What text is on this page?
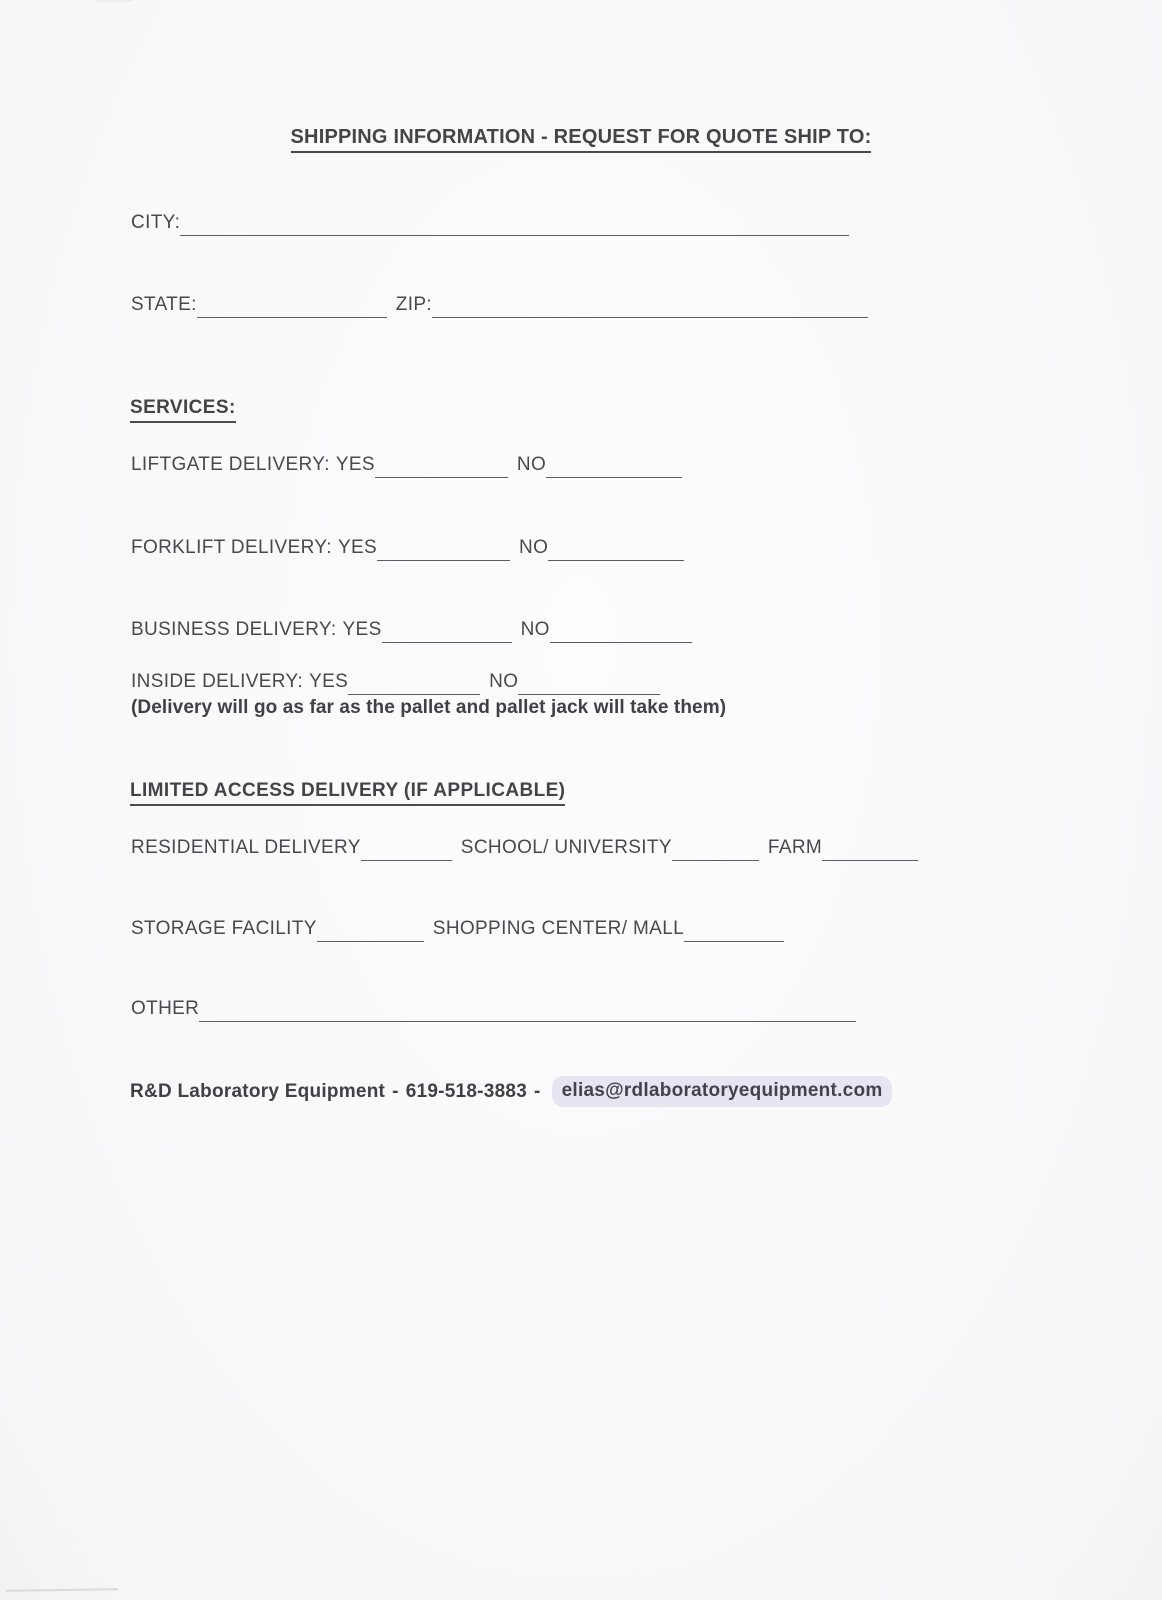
SHIPPING INFORMATION - REQUEST FOR QUOTE SHIP TO:
CITY:
STATE:	ZIP:
SERVICES:
LIFTGATE DELIVERY: YES	NO
FORKLIFT DELIVERY: YES	NO
BUSINESS DELIVERY: YES	NO
INSIDE DELIVERY: YES	NO
(Delivery will go as far as the pallet and pallet jack will take them)
LIMITED ACCESS DELIVERY (IF APPLICABLE)
RESIDENTIAL DELIVERY	SCHOOL/ UNIVERSITY	FARM
STORAGE FACILITY	SHOPPING CENTER/ MALL
OTHER
R&D Laboratory Equipment - 619-518-3883 -	elias@rdlaboratoryequipment.com
